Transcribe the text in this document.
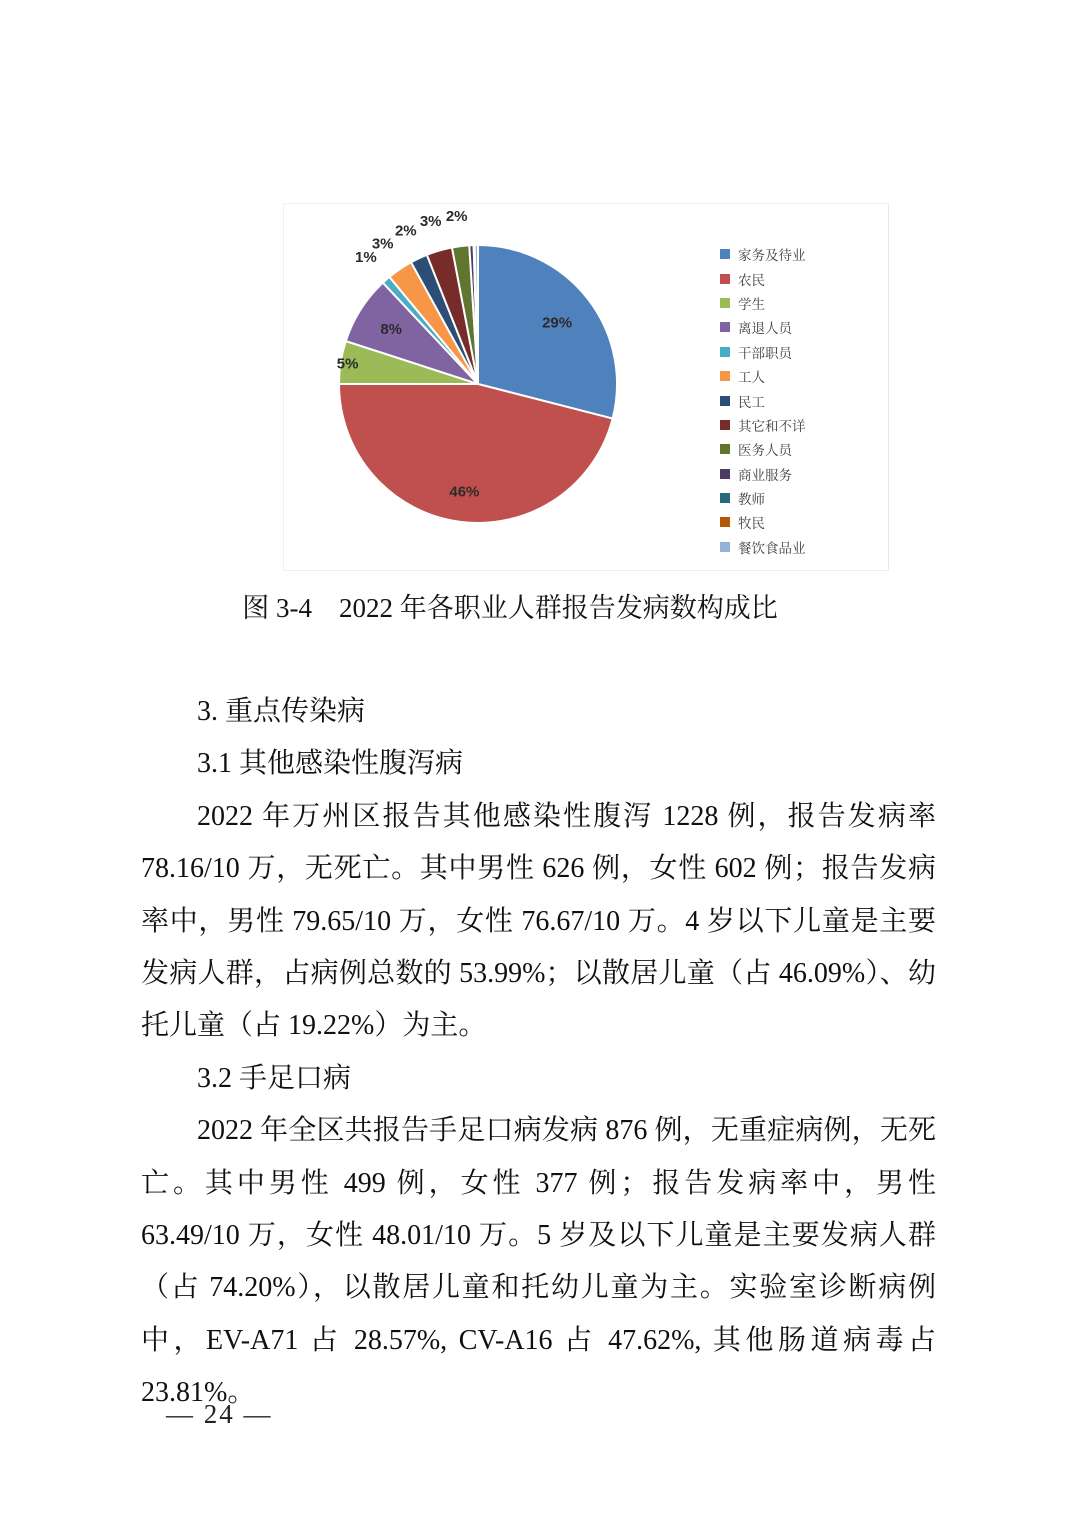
29%
46%
5%
8%
1%
3%
2%
3% 2%
家务及待业
农民
学生
离退人员
干部职员
工人
民工
其它和不详
医务人员
商业服务
教师
牧民
餐饮食品业
图 3-4　2022 年各职业人群报告发病数构成比

3. 重点传染病

3.1 其他感染性腹泻病

2022 年万州区报告其他感染性腹泻 1228 例，报告发病率 78.16/10 万，无死亡。其中男性 626 例，女性 602 例；报告发病率中，男性 79.65/10 万，女性 76.67/10 万。4 岁以下儿童是主要发病人群，占病例总数的 53.99%；以散居儿童（占 46.09%）、幼托儿童（占 19.22%）为主。

3.2 手足口病

2022 年全区共报告手足口病发病 876 例，无重症病例，无死亡。其中男性 499 例，女性 377 例；报告发病率中，男性 63.49/10 万，女性 48.01/10 万。5 岁及以下儿童是主要发病人群（占 74.20%），以散居儿童和托幼儿童为主。实验室诊断病例中，EV-A71 占 28.57%, CV-A16 占 47.62%, 其他肠道病毒占 23.81%。

— 24 —
